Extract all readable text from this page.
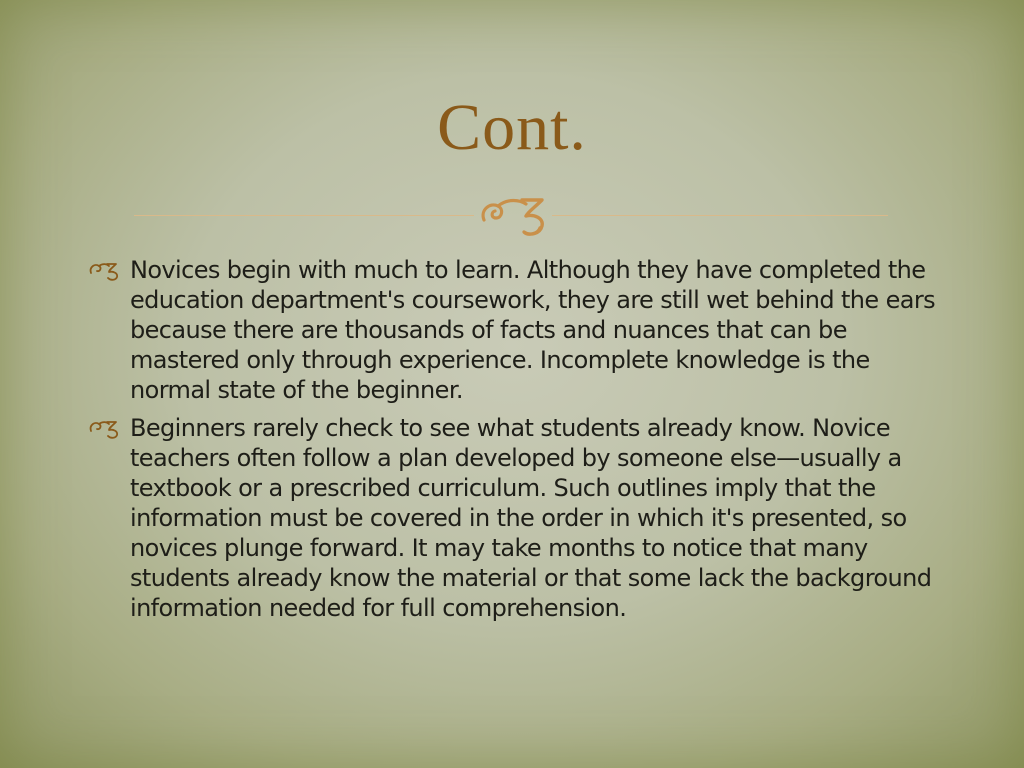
Cont.
Novices begin with much to learn. Although they have completed the education department's coursework, they are still wet behind the ears because there are thousands of facts and nuances that can be mastered only through experience. Incomplete knowledge is the normal state of the beginner.
Beginners rarely check to see what students already know. Novice teachers often follow a plan developed by someone else—usually a textbook or a prescribed curriculum. Such outlines imply that the information must be covered in the order in which it's presented, so novices plunge forward. It may take months to notice that many students already know the material or that some lack the background information needed for full comprehension.
